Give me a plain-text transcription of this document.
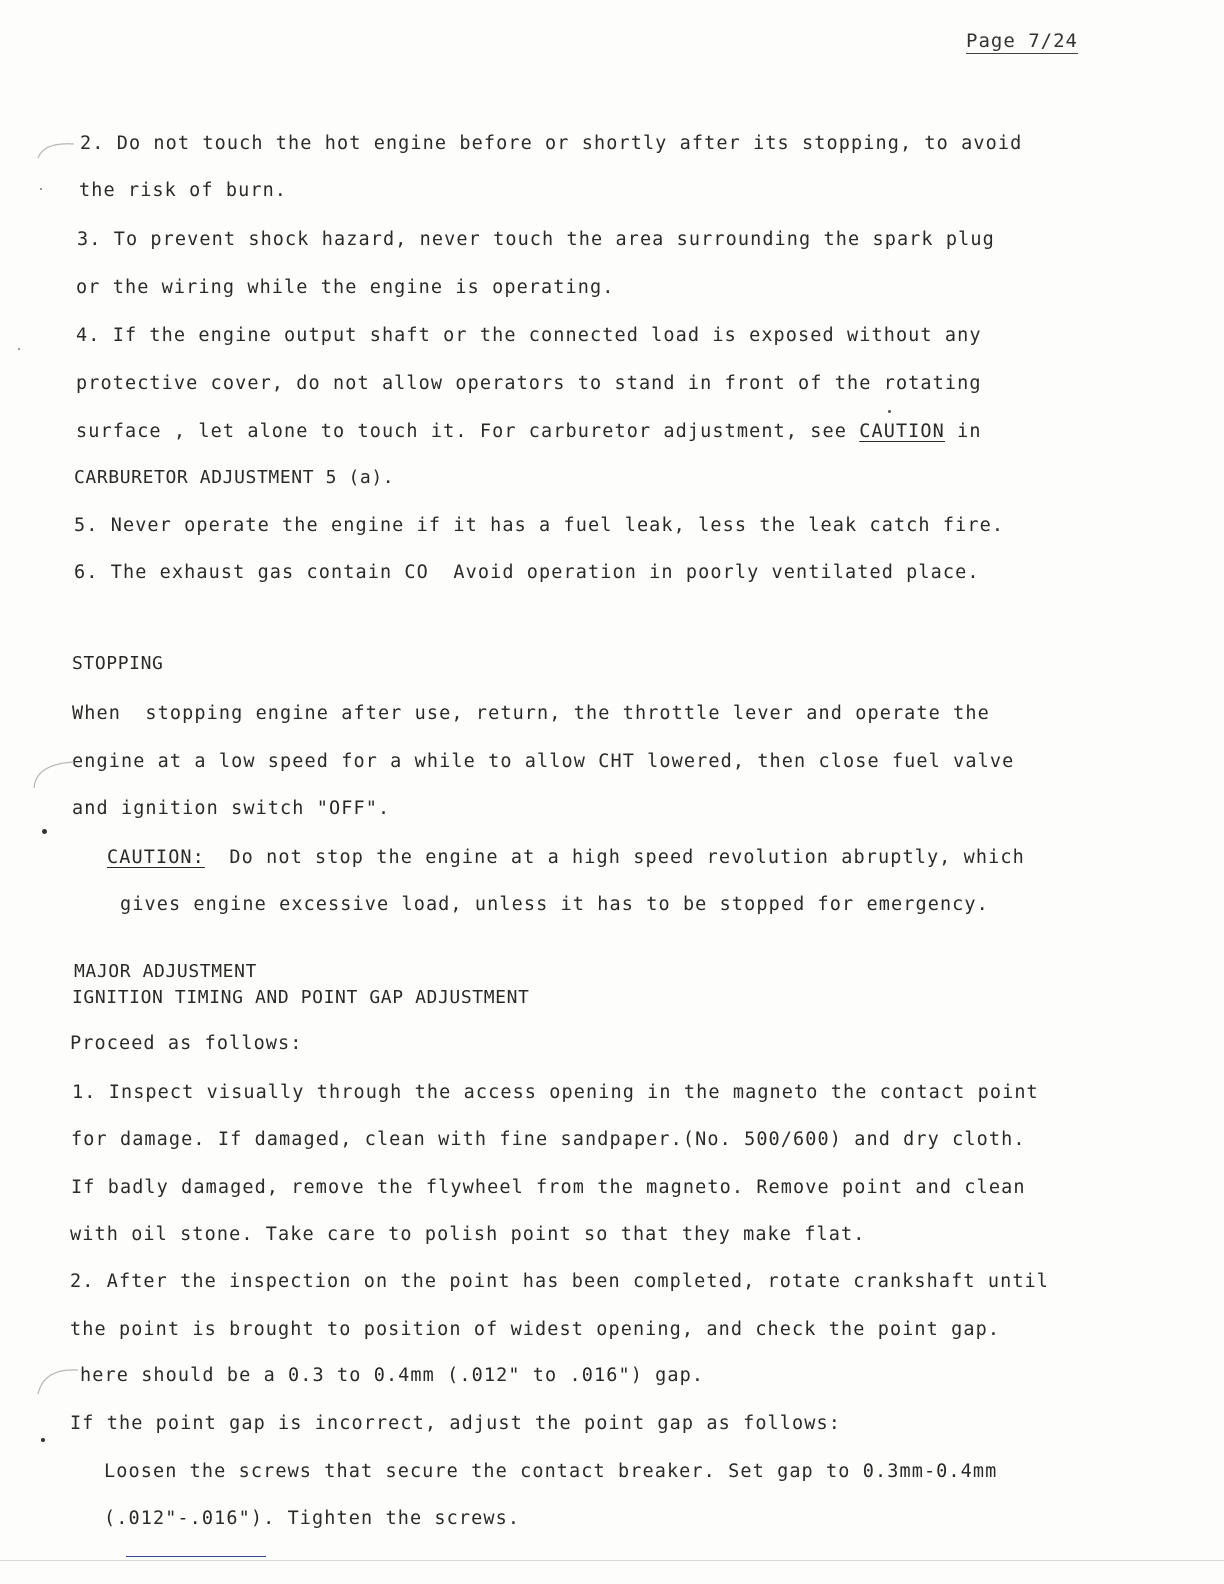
Page 7/24
2. Do not touch the hot engine before or shortly after its stopping, to avoid
the risk of burn.
3. To prevent shock hazard, never touch the area surrounding the spark plug
or the wiring while the engine is operating.
4. If the engine output shaft or the connected load is exposed without any
protective cover, do not allow operators to stand in front of the rotating
surface , let alone to touch it. For carburetor adjustment, see CAUTION in
CARBURETOR ADJUSTMENT 5 (a).
5. Never operate the engine if it has a fuel leak, less the leak catch fire.
6. The exhaust gas contain CO  Avoid operation in poorly ventilated place.
STOPPING
When  stopping engine after use, return, the throttle lever and operate the
engine at a low speed for a while to allow CHT lowered, then close fuel valve
and ignition switch "OFF".
CAUTION:  Do not stop the engine at a high speed revolution abruptly, which
gives engine excessive load, unless it has to be stopped for emergency.
MAJOR ADJUSTMENT
IGNITION TIMING AND POINT GAP ADJUSTMENT
Proceed as follows:
1. Inspect visually through the access opening in the magneto the contact point
for damage. If damaged, clean with fine sandpaper.(No. 500/600) and dry cloth.
If badly damaged, remove the flywheel from the magneto. Remove point and clean
with oil stone. Take care to polish point so that they make flat.
2. After the inspection on the point has been completed, rotate crankshaft until
the point is brought to position of widest opening, and check the point gap.
here should be a 0.3 to 0.4mm (.012" to .016") gap.
If the point gap is incorrect, adjust the point gap as follows:
Loosen the screws that secure the contact breaker. Set gap to 0.3mm-0.4mm
(.012"-.016"). Tighten the screws.
